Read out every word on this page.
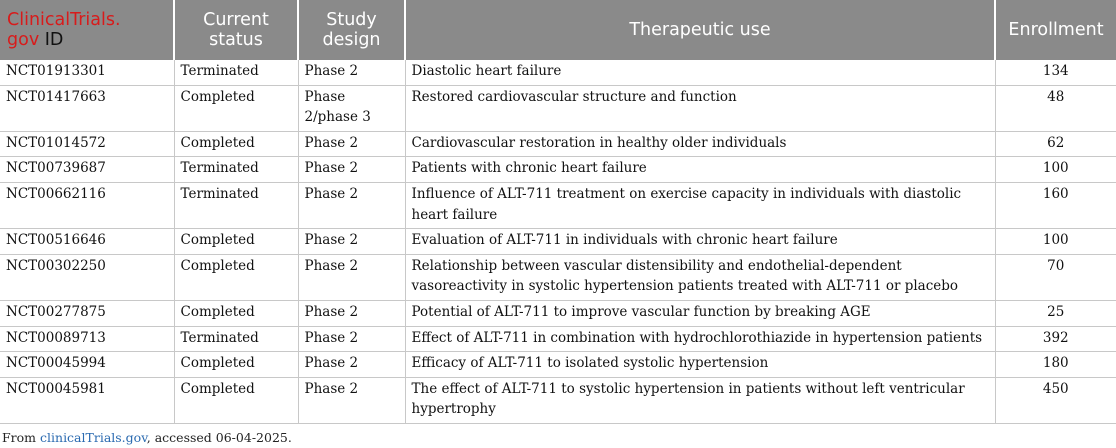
ClinicalTrials.
gov ID	Current status	Study design	Therapeutic use	Enrollment
NCT01913301	Terminated	Phase 2	Diastolic heart failure	134
NCT01417663	Completed	Phase 2/phase 3	Restored cardiovascular structure and function	48
NCT01014572	Completed	Phase 2	Cardiovascular restoration in healthy older individuals	62
NCT00739687	Terminated	Phase 2	Patients with chronic heart failure	100
NCT00662116	Terminated	Phase 2	Influence of ALT-711 treatment on exercise capacity in individuals with diastolic heart failure	160
NCT00516646	Completed	Phase 2	Evaluation of ALT-711 in individuals with chronic heart failure	100
NCT00302250	Completed	Phase 2	Relationship between vascular distensibility and endothelial-dependent vasoreactivity in systolic hypertension patients treated with ALT-711 or placebo	70
NCT00277875	Completed	Phase 2	Potential of ALT-711 to improve vascular function by breaking AGE	25
NCT00089713	Terminated	Phase 2	Effect of ALT-711 in combination with hydrochlorothiazide in hypertension patients	392
NCT00045994	Completed	Phase 2	Efficacy of ALT-711 to isolated systolic hypertension	180
NCT00045981	Completed	Phase 2	The effect of ALT-711 to systolic hypertension in patients without left ventricular hypertrophy	450
From clinicalTrials.gov, accessed 06-04-2025.
